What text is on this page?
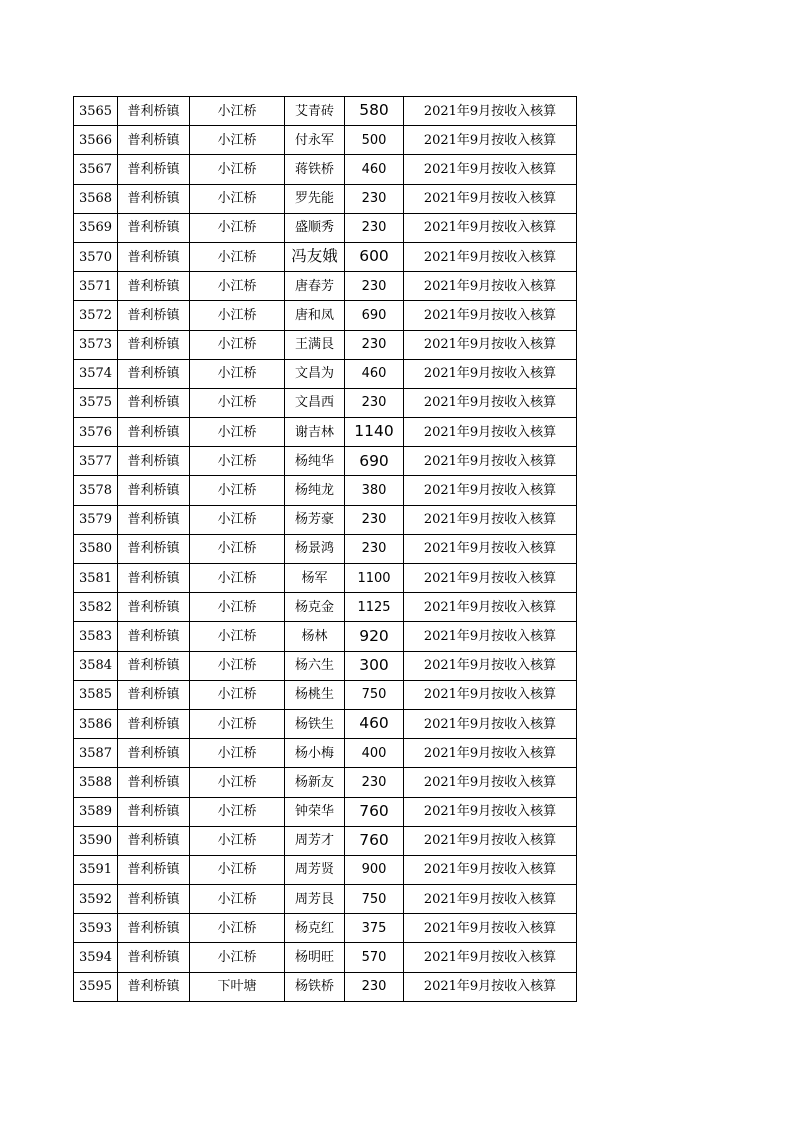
3565	普利桥镇	小江桥	艾青砖	580	2021年9月按收入核算
3566	普利桥镇	小江桥	付永军	500	2021年9月按收入核算
3567	普利桥镇	小江桥	蒋铁桥	460	2021年9月按收入核算
3568	普利桥镇	小江桥	罗先能	230	2021年9月按收入核算
3569	普利桥镇	小江桥	盛顺秀	230	2021年9月按收入核算
3570	普利桥镇	小江桥	冯友娥	600	2021年9月按收入核算
3571	普利桥镇	小江桥	唐春芳	230	2021年9月按收入核算
3572	普利桥镇	小江桥	唐和凤	690	2021年9月按收入核算
3573	普利桥镇	小江桥	王满艮	230	2021年9月按收入核算
3574	普利桥镇	小江桥	文昌为	460	2021年9月按收入核算
3575	普利桥镇	小江桥	文昌西	230	2021年9月按收入核算
3576	普利桥镇	小江桥	谢吉林	1140	2021年9月按收入核算
3577	普利桥镇	小江桥	杨纯华	690	2021年9月按收入核算
3578	普利桥镇	小江桥	杨纯龙	380	2021年9月按收入核算
3579	普利桥镇	小江桥	杨芳豪	230	2021年9月按收入核算
3580	普利桥镇	小江桥	杨景鸿	230	2021年9月按收入核算
3581	普利桥镇	小江桥	杨军	1100	2021年9月按收入核算
3582	普利桥镇	小江桥	杨克金	1125	2021年9月按收入核算
3583	普利桥镇	小江桥	杨林	920	2021年9月按收入核算
3584	普利桥镇	小江桥	杨六生	300	2021年9月按收入核算
3585	普利桥镇	小江桥	杨桃生	750	2021年9月按收入核算
3586	普利桥镇	小江桥	杨铁生	460	2021年9月按收入核算
3587	普利桥镇	小江桥	杨小梅	400	2021年9月按收入核算
3588	普利桥镇	小江桥	杨新友	230	2021年9月按收入核算
3589	普利桥镇	小江桥	钟荣华	760	2021年9月按收入核算
3590	普利桥镇	小江桥	周芳才	760	2021年9月按收入核算
3591	普利桥镇	小江桥	周芳贤	900	2021年9月按收入核算
3592	普利桥镇	小江桥	周芳艮	750	2021年9月按收入核算
3593	普利桥镇	小江桥	杨克红	375	2021年9月按收入核算
3594	普利桥镇	小江桥	杨明旺	570	2021年9月按收入核算
3595	普利桥镇	下叶塘	杨铁桥	230	2021年9月按收入核算
